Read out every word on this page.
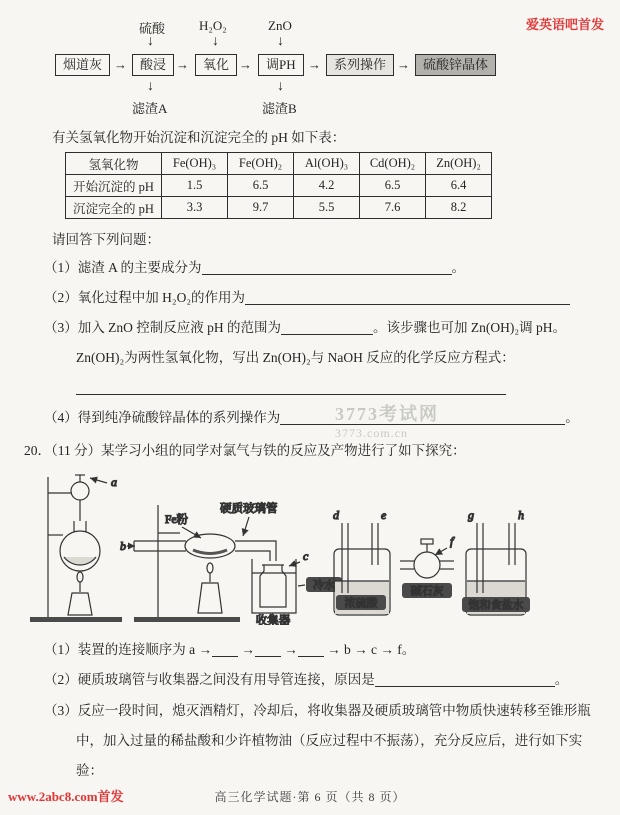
爱英语吧首发
硫酸	H₂O₂	ZnO
↓	↓	↓
烟道灰 →	酸浸 →	氧化 →	调PH →	系列操作 →	硫酸锌晶体
↓	↓
滤渣A	滤渣B
有关氢氧化物开始沉淀和沉淀完全的 pH 如下表：
氢氧化物	Fe(OH)₃	Fe(OH)₂	Al(OH)₃	Cd(OH)₂	Zn(OH)₂
开始沉淀的 pH	1.5	6.5	4.2	6.5	6.4
沉淀完全的 pH	3.3	9.7	5.5	7.6	8.2
请回答下列问题：
（1）滤渣 A 的主要成分为	。
（2）氧化过程中加 H₂O₂的作用为
（3）加入 ZnO 控制反应液 pH 的范围为	。该步骤也可加 Zn(OH)₂调 pH。
Zn(OH)₂为两性氢氧化物，写出 Zn(OH)₂与 NaOH 反应的化学反应方程式：
（4）得到纯净硫酸锌晶体的系列操作为	。
20．（11 分）某学习小组的同学对氯气与铁的反应及产物进行了如下探究：
a
b
Fe粉
硬质玻璃管
c
冷水
收集器
d	e
浓硫酸
f
碱石灰
g	h
饱和食盐水
（1）装置的连接顺序为 a → → → → b → c → f。
（2）硬质玻璃管与收集器之间没有用导管连接，原因是	。
（3）反应一段时间，熄灭酒精灯，冷却后，将收集器及硬质玻璃管中物质快速转移至锥形瓶中，加入过量的稀盐酸和少许植物油（反应过程中不振荡），充分反应后，进行如下实验：
3773考试网
3773.com.cn
高三化学试题·第 6 页（共 8 页）
www.2abc8.com首发
